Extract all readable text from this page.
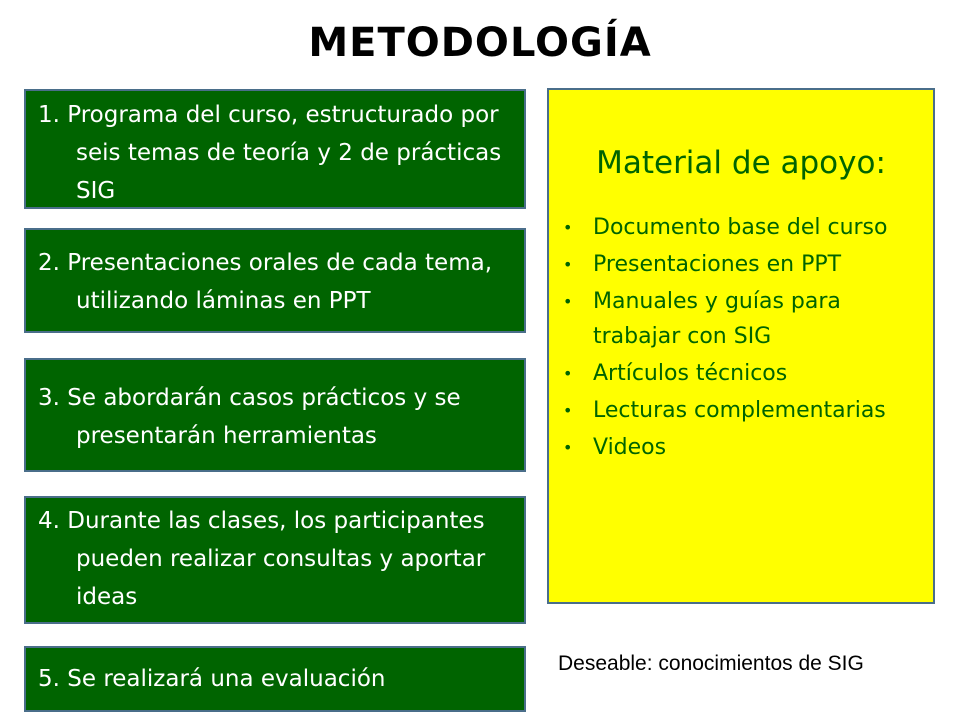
METODOLOGÍA
1. Programa del curso, estructurado por seis temas de teoría y 2 de prácticas SIG
2. Presentaciones orales de cada tema, utilizando láminas en PPT
3. Se abordarán casos prácticos y se presentarán herramientas
4. Durante las clases, los participantes pueden realizar consultas y aportar ideas
5. Se realizará una evaluación
Material de apoyo:
• Documento base del curso
• Presentaciones en PPT
• Manuales y guías para trabajar con SIG
• Artículos técnicos
• Lecturas complementarias
• Videos
Deseable: conocimientos de SIG
